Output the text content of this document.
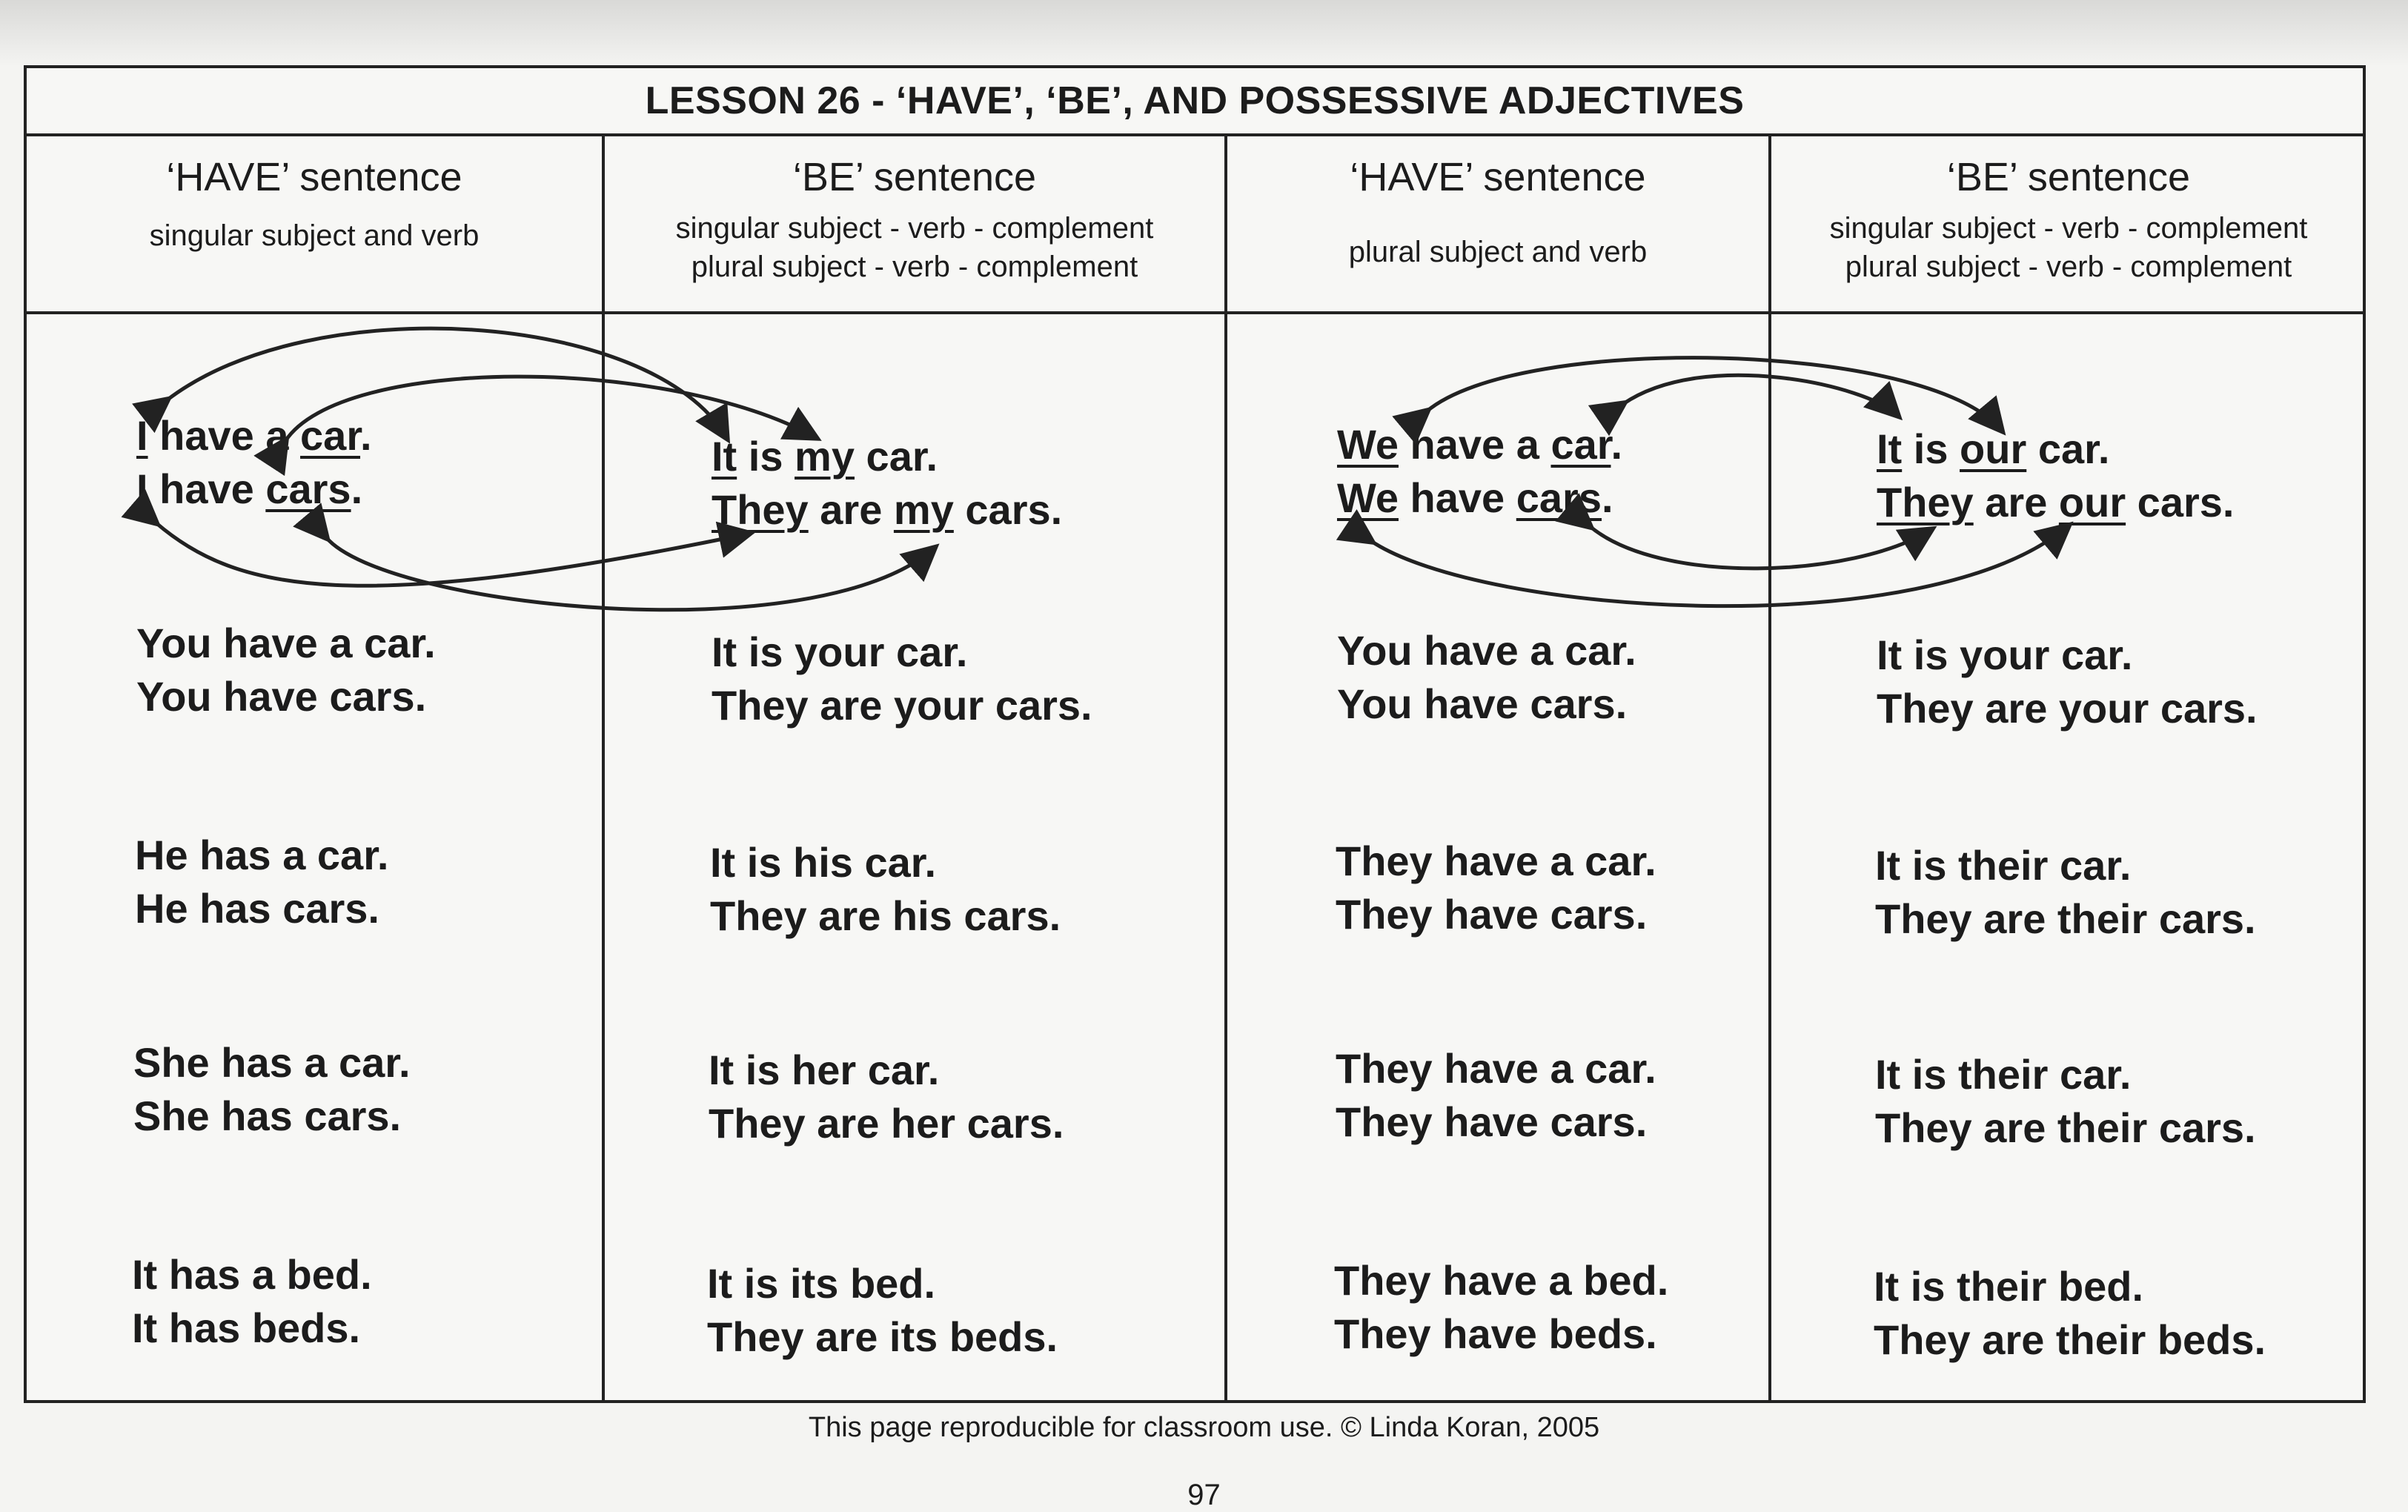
LESSON 26 - ‘HAVE’, ‘BE’, AND POSSESSIVE ADJECTIVES
‘HAVE’ sentence
singular subject and verb
‘BE’ sentence
singular subject - verb - complement
plural subject - verb - complement
‘HAVE’ sentence
plural subject and verb
‘BE’ sentence
singular subject - verb - complement
plural subject - verb - complement
I have a car.
I have cars.
It is my car.
They are my cars.
We have a car.
We have cars.
It is our car.
They are our cars.
You have a car.
You have cars.
It is your car.
They are your cars.
You have a car.
You have cars.
It is your car.
They are your cars.
He has a car.
He has cars.
It is his car.
They are his cars.
They have a car.
They have cars.
It is their car.
They are their cars.
She has a car.
She has cars.
It is her car.
They are her cars.
They have a car.
They have cars.
It is their car.
They are their cars.
It has a bed.
It has beds.
It is its bed.
They are its beds.
They have a bed.
They have beds.
It is their bed.
They are their beds.
This page reproducible for classroom use. © Linda Koran, 2005
97
